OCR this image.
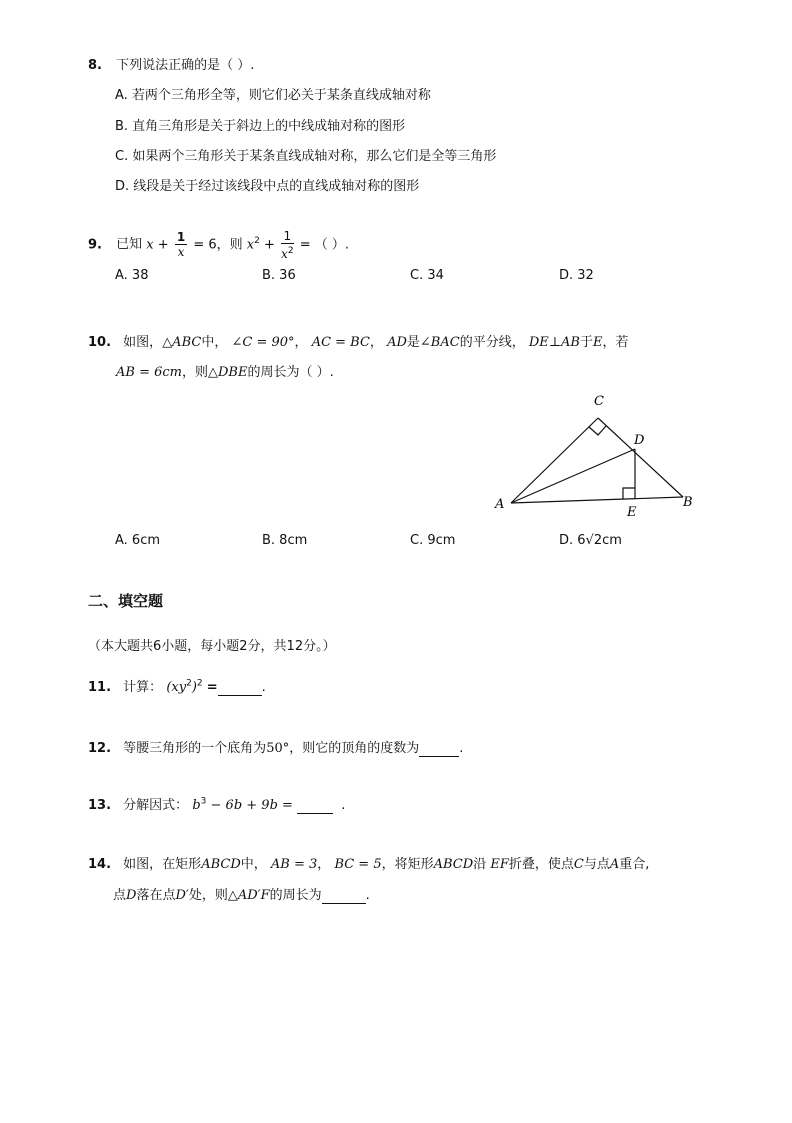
8. 下列说法正确的是（ ）.
A. 若两个三角形全等，则它们必关于某条直线成轴对称
B. 直角三角形是关于斜边上的中线成轴对称的图形
C. 如果两个三角形关于某条直线成轴对称，那么它们是全等三角形
D. 线段是关于经过该线段中点的直线成轴对称的图形
9. 已知 $x + \frac{1}{x} = 6$，则 $x^2 + \frac{1}{x^2}$ = （ ）.
A. 38	B. 36	C. 34	D. 32
10. 如图，△ABC中， ∠C = 90°， AC = BC， AD是∠BAC的平分线， DE⊥AB于E，若
AB = 6cm，则△DBE的周长为（ ）.
A	B
C
D
E
A. 6cm	B. 8cm	C. 9cm	D. 6√2cm
二、填空题
（本大题共6小题，每小题2分，共12分。）
11. 计算： $(xy^2)^2$ =	.
12. 等腰三角形的一个底角为50°，则它的顶角的度数为	.
13. 分解因式： $b^3 - 6b + 9b$ =	.
14. 如图，在矩形ABCD中， AB = 3， BC = 5，将矩形ABCD沿 EF折叠，使点C与点A重合,
点D落在点D′处，则△AD′F的周长为	.
